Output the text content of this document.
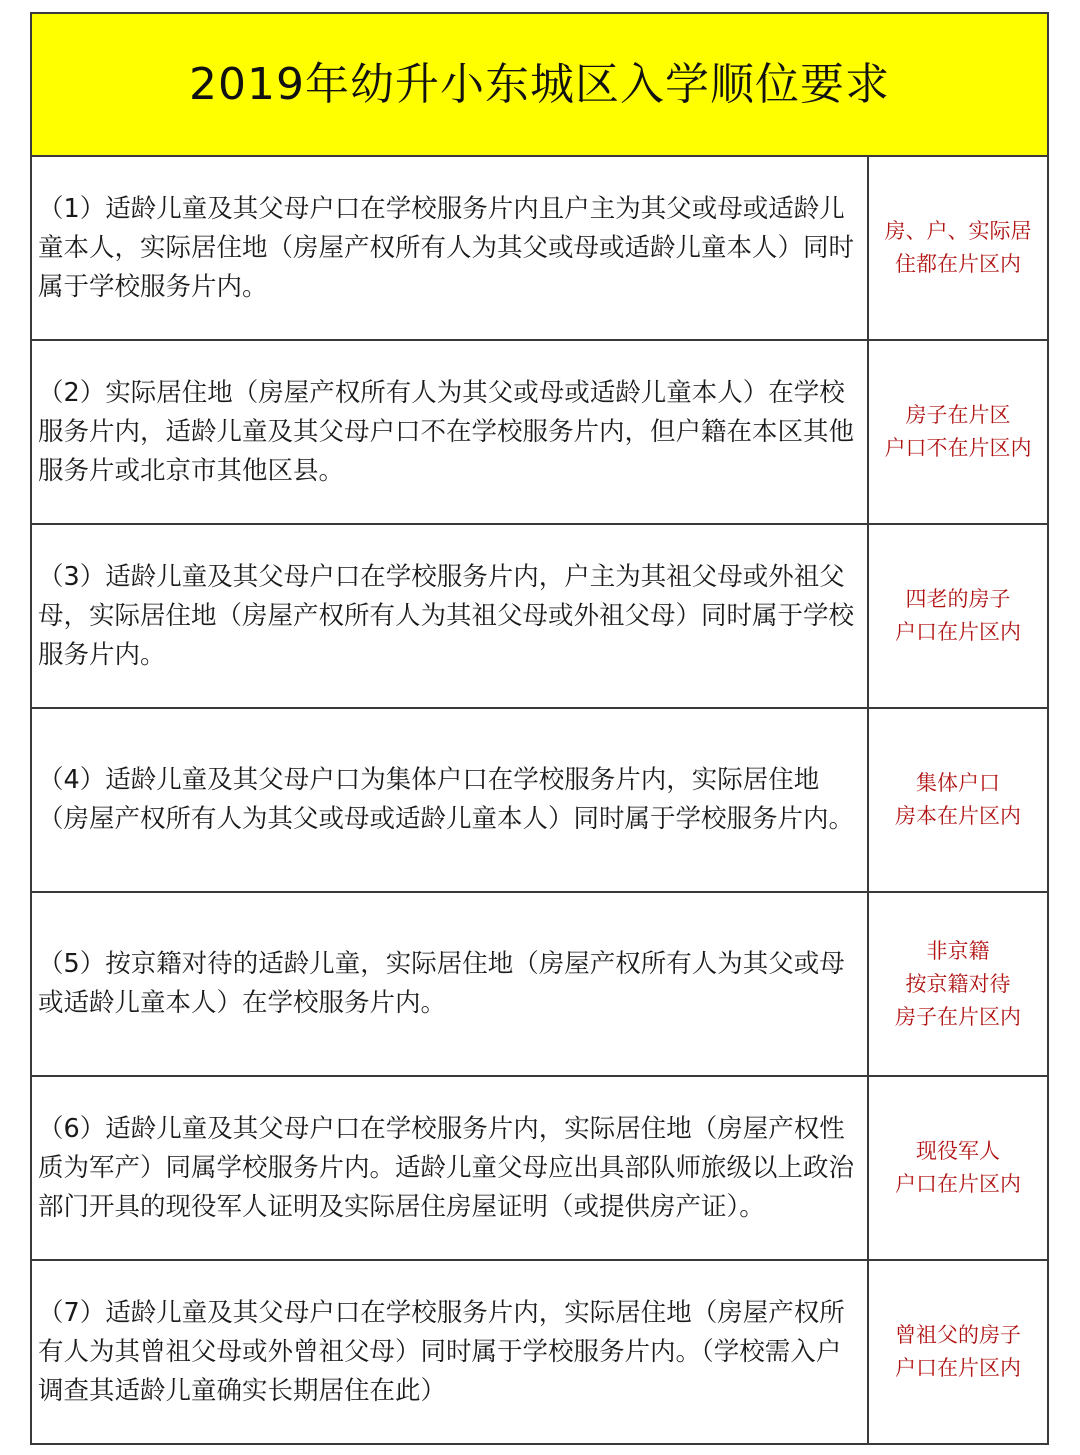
2019年幼升小东城区入学顺位要求
（1）适龄儿童及其父母户口在学校服务片内且户主为其父或母或适龄儿童本人，实际居住地（房屋产权所有人为其父或母或适龄儿童本人）同时属于学校服务片内。
房、户、实际居
住都在片区内
（2）实际居住地（房屋产权所有人为其父或母或适龄儿童本人）在学校服务片内，适龄儿童及其父母户口不在学校服务片内，但户籍在本区其他服务片或北京市其他区县。
房子在片区
户口不在片区内
（3）适龄儿童及其父母户口在学校服务片内，户主为其祖父母或外祖父母，实际居住地（房屋产权所有人为其祖父母或外祖父母）同时属于学校服务片内。
四老的房子
户口在片区内
（4）适龄儿童及其父母户口为集体户口在学校服务片内，实际居住地（房屋产权所有人为其父或母或适龄儿童本人）同时属于学校服务片内。
集体户口
房本在片区内
（5）按京籍对待的适龄儿童，实际居住地（房屋产权所有人为其父或母或适龄儿童本人）在学校服务片内。
非京籍
按京籍对待
房子在片区内
（6）适龄儿童及其父母户口在学校服务片内，实际居住地（房屋产权性质为军产）同属学校服务片内。适龄儿童父母应出具部队师旅级以上政治部门开具的现役军人证明及实际居住房屋证明（或提供房产证）。
现役军人
户口在片区内
（7）适龄儿童及其父母户口在学校服务片内，实际居住地（房屋产权所有人为其曾祖父母或外曾祖父母）同时属于学校服务片内。（学校需入户调查其适龄儿童确实长期居住在此）
曾祖父的房子
户口在片区内
